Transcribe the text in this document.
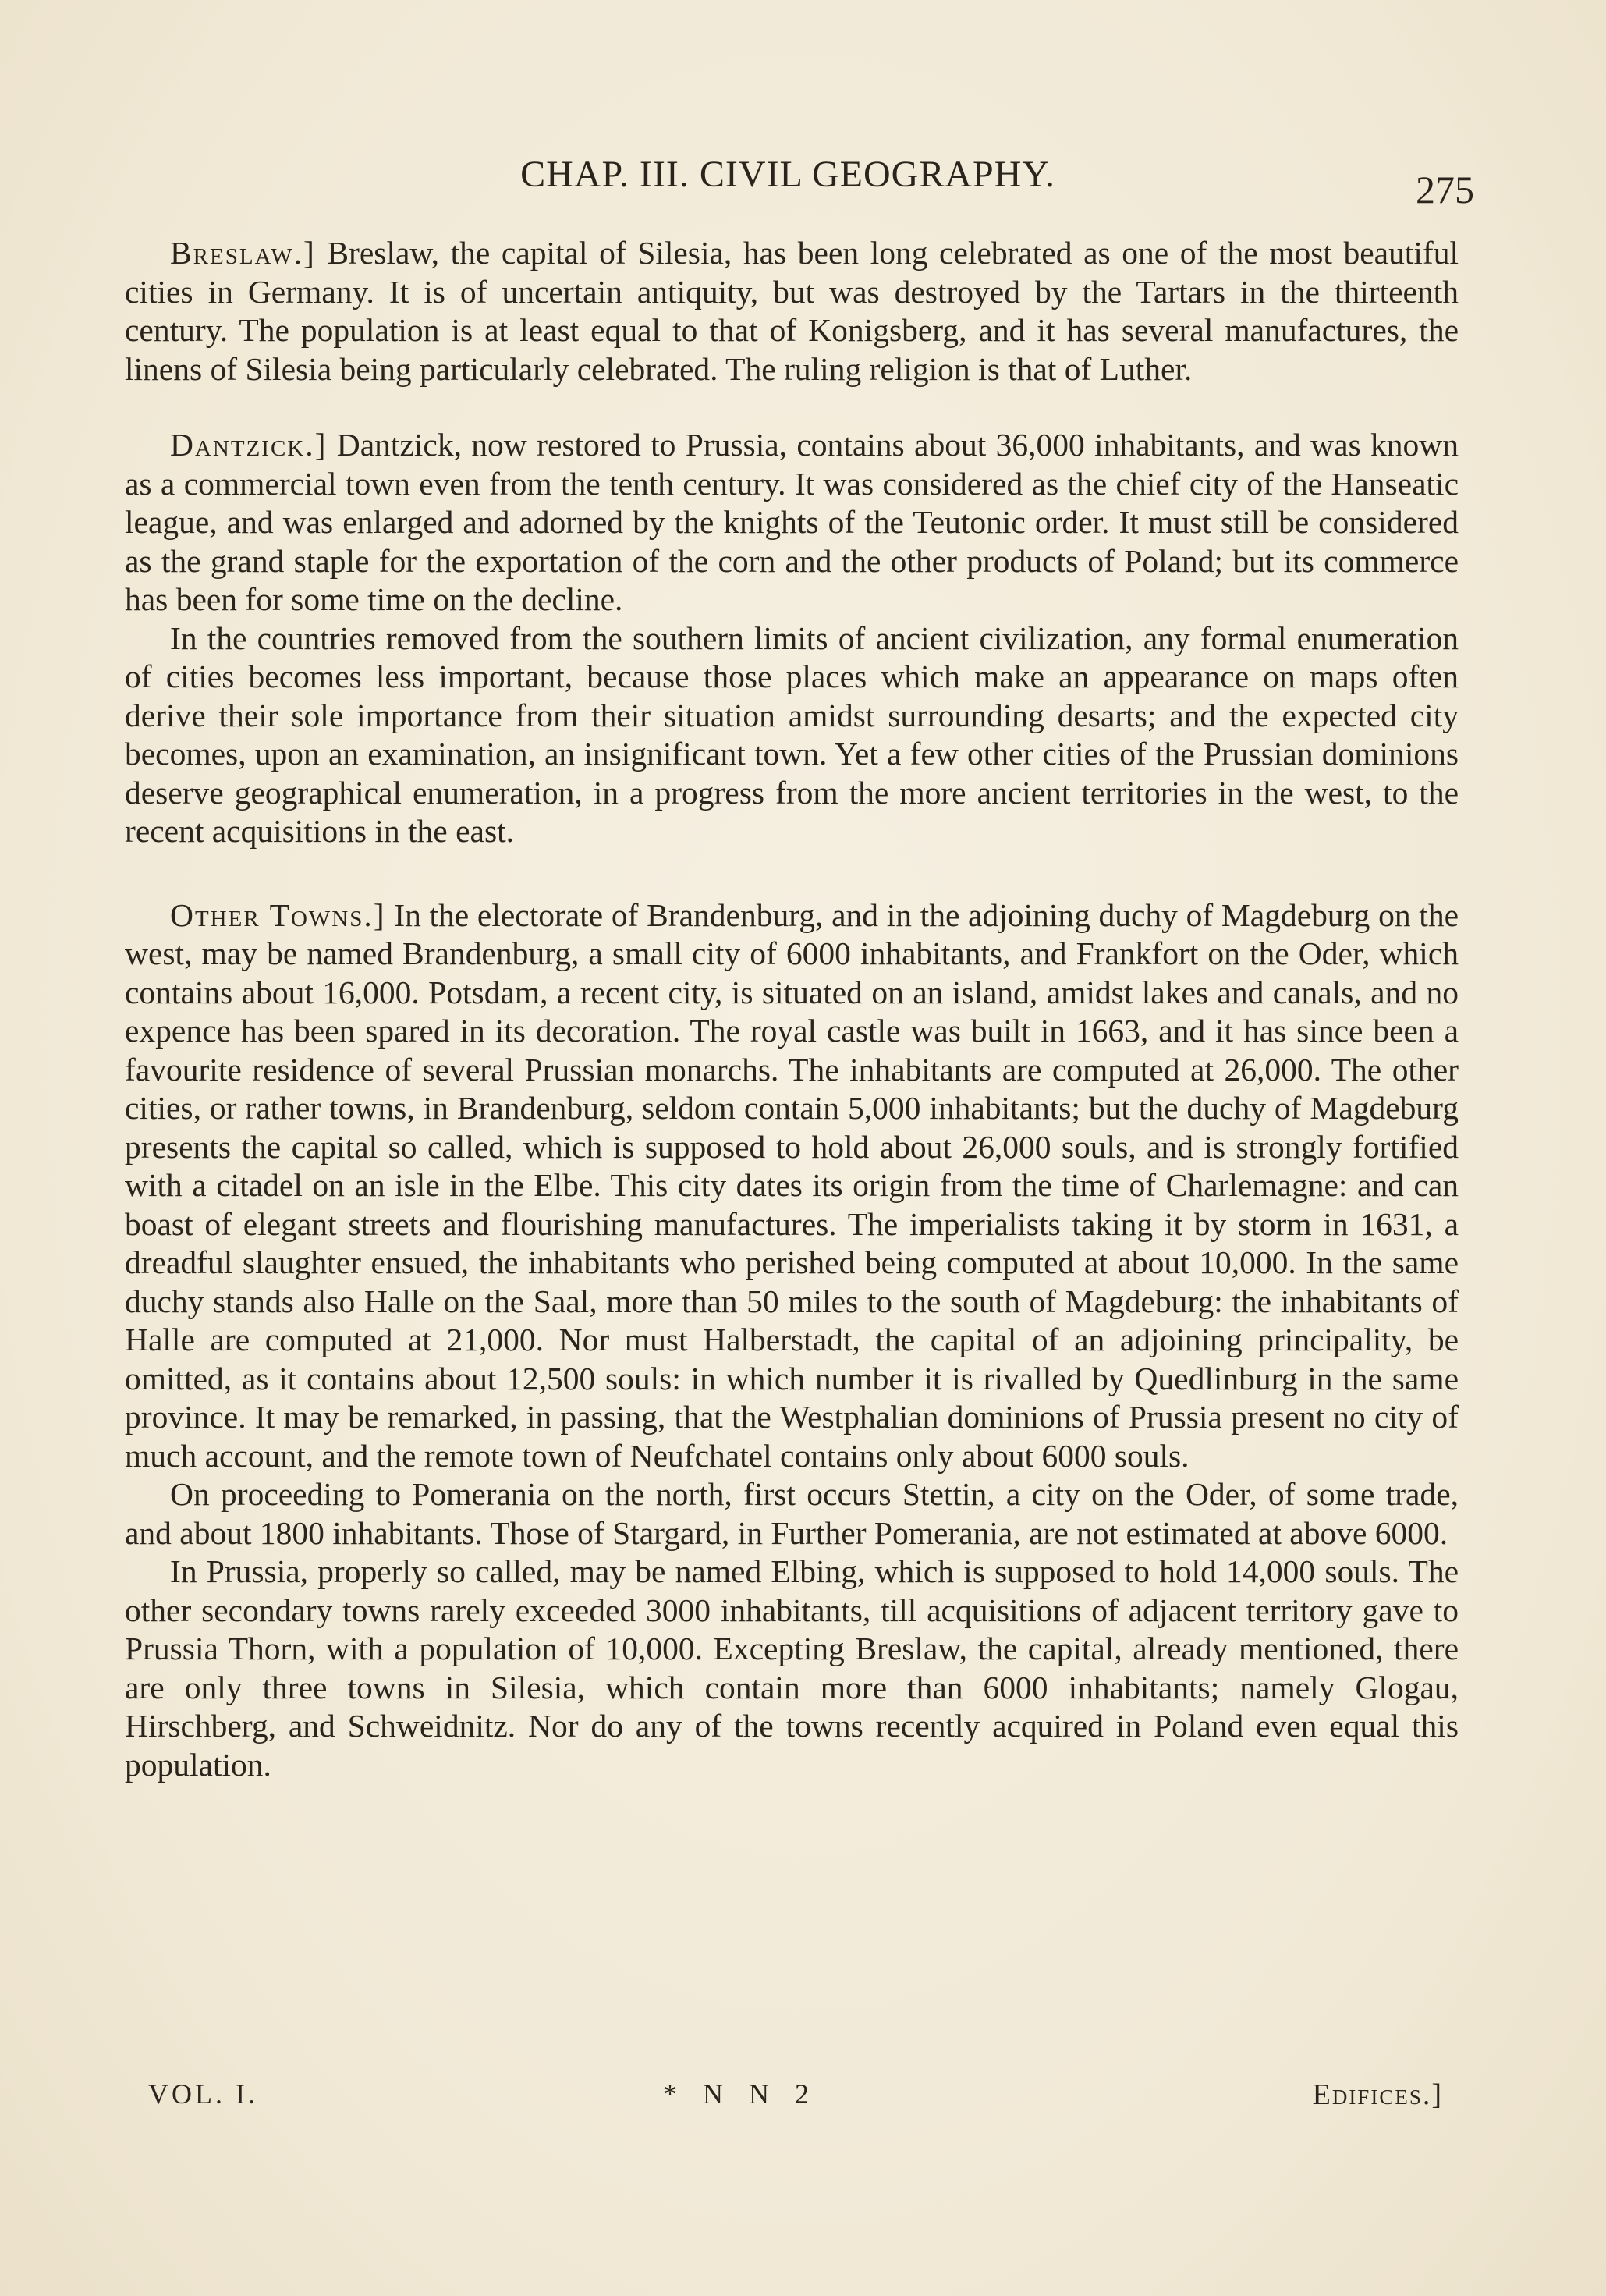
CHAP. III. CIVIL GEOGRAPHY.	275

Breslaw.] Breslaw, the capital of Silesia, has been long celebrated as one of the most beautiful cities in Germany. It is of uncertain antiquity, but was destroyed by the Tartars in the thirteenth century. The population is at least equal to that of Konigsberg, and it has several manufactures, the linens of Silesia being particularly celebrated. The ruling religion is that of Luther.

Dantzick.] Dantzick, now restored to Prussia, contains about 36,000 inhabitants, and was known as a commercial town even from the tenth century. It was considered as the chief city of the Hanseatic league, and was enlarged and adorned by the knights of the Teutonic order. It must still be considered as the grand staple for the exportation of the corn and the other products of Poland; but its commerce has been for some time on the decline.

In the countries removed from the southern limits of ancient civilization, any formal enumeration of cities becomes less important, because those places which make an appearance on maps often derive their sole importance from their situation amidst surrounding desarts; and the expected city becomes, upon an examination, an insignificant town. Yet a few other cities of the Prussian dominions deserve geographical enumeration, in a progress from the more ancient territories in the west, to the recent acquisitions in the east.

Other Towns.] In the electorate of Brandenburg, and in the adjoining duchy of Magdeburg on the west, may be named Brandenburg, a small city of 6000 inhabitants, and Frankfort on the Oder, which contains about 16,000. Potsdam, a recent city, is situated on an island, amidst lakes and canals, and no expence has been spared in its decoration. The royal castle was built in 1663, and it has since been a favourite residence of several Prussian monarchs. The inhabitants are computed at 26,000. The other cities, or rather towns, in Brandenburg, seldom contain 5,000 inhabitants; but the duchy of Magdeburg presents the capital so called, which is supposed to hold about 26,000 souls, and is strongly fortified with a citadel on an isle in the Elbe. This city dates its origin from the time of Charlemagne: and can boast of elegant streets and flourishing manufactures. The imperialists taking it by storm in 1631, a dreadful slaughter ensued, the inhabitants who perished being computed at about 10,000. In the same duchy stands also Halle on the Saal, more than 50 miles to the south of Magdeburg: the inhabitants of Halle are computed at 21,000. Nor must Halberstadt, the capital of an adjoining principality, be omitted, as it contains about 12,500 souls: in which number it is rivalled by Quedlinburg in the same province. It may be remarked, in passing, that the Westphalian dominions of Prussia present no city of much account, and the remote town of Neufchatel contains only about 6000 souls.

On proceeding to Pomerania on the north, first occurs Stettin, a city on the Oder, of some trade, and about 1800 inhabitants. Those of Stargard, in Further Pomerania, are not estimated at above 6000.

In Prussia, properly so called, may be named Elbing, which is supposed to hold 14,000 souls. The other secondary towns rarely exceeded 3000 inhabitants, till acquisitions of adjacent territory gave to Prussia Thorn, with a population of 10,000. Excepting Breslaw, the capital, already mentioned, there are only three towns in Silesia, which contain more than 6000 inhabitants; namely Glogau, Hirschberg, and Schweidnitz. Nor do any of the towns recently acquired in Poland even equal this population.

VOL. I.	* N N 2	Edifices.]
